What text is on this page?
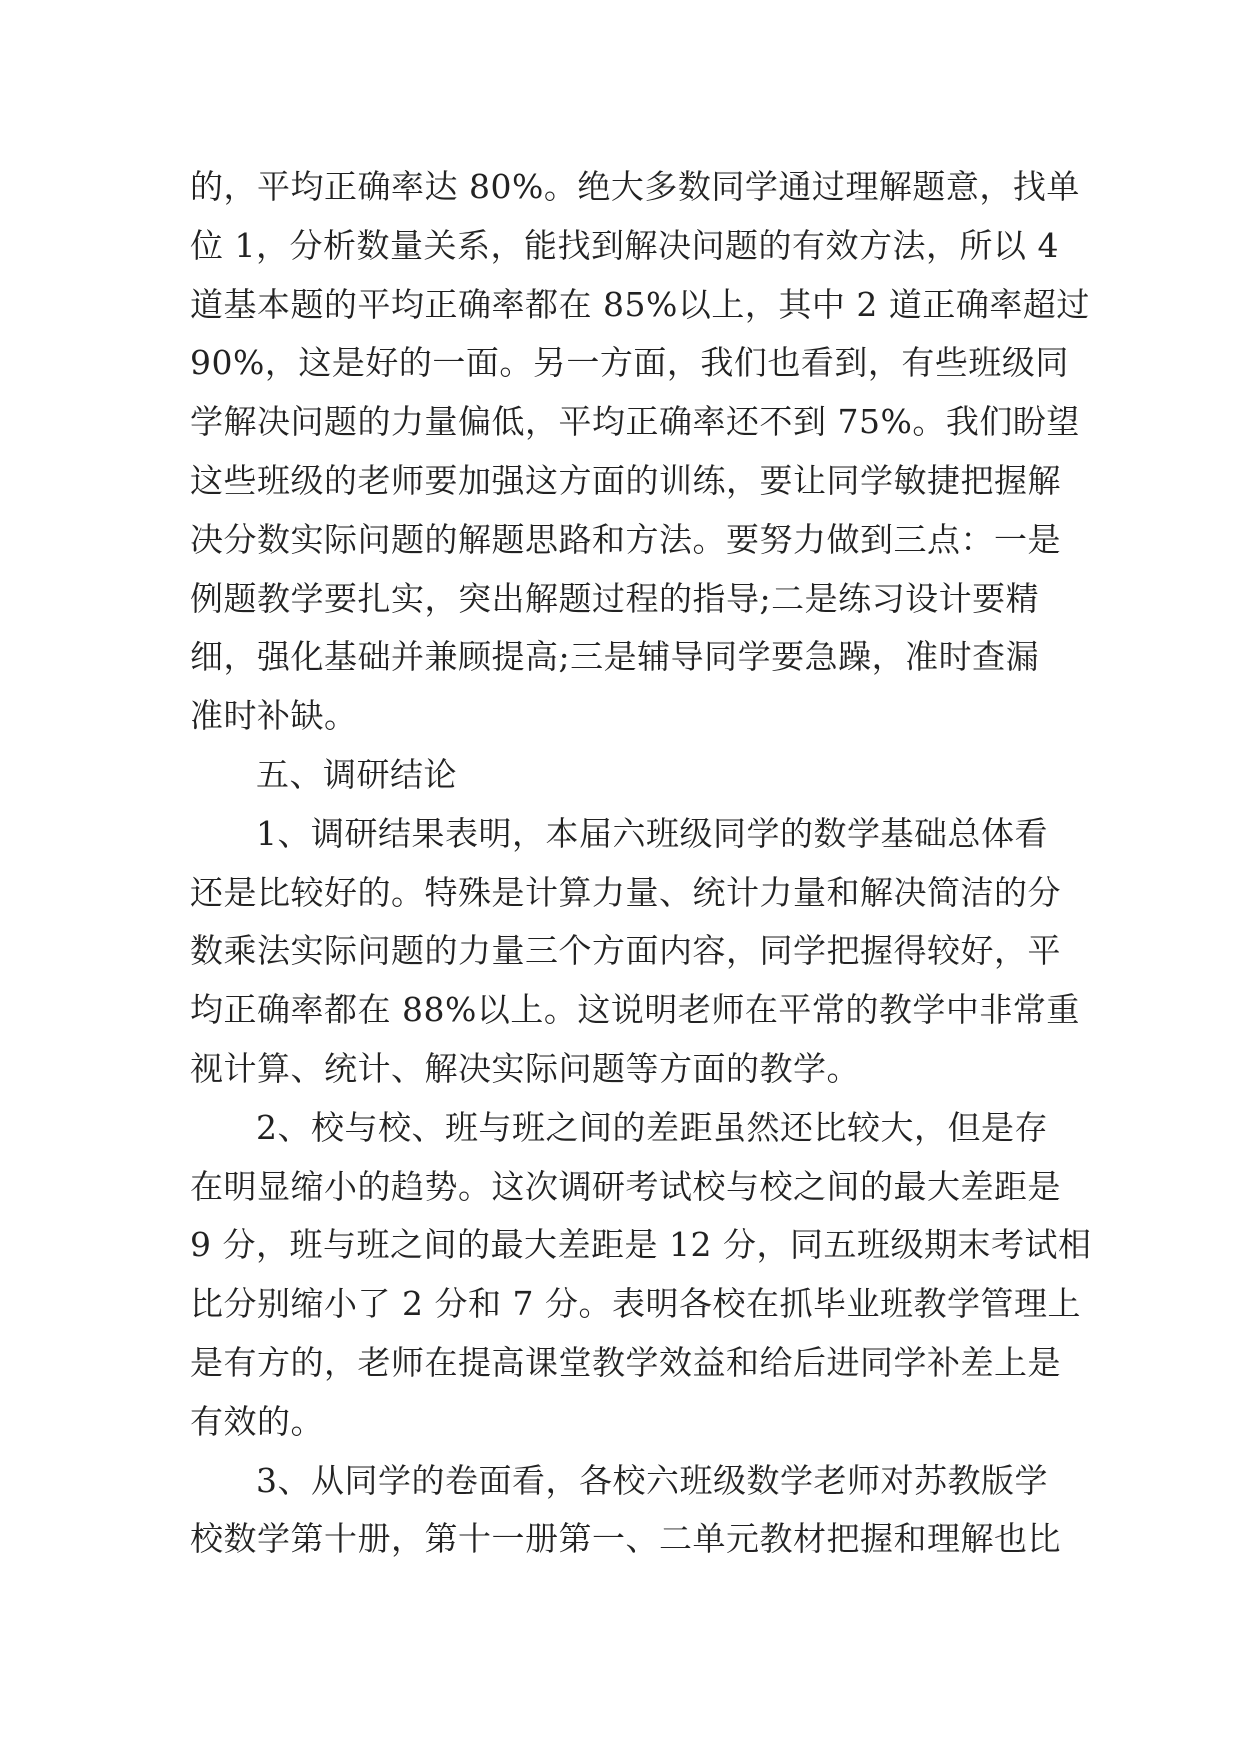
的，平均正确率达 80%。绝大多数同学通过理解题意，找单
位 1，分析数量关系，能找到解决问题的有效方法，所以 4
道基本题的平均正确率都在 85%以上，其中 2 道正确率超过
90%，这是好的一面。另一方面，我们也看到，有些班级同
学解决问题的力量偏低，平均正确率还不到 75%。我们盼望
这些班级的老师要加强这方面的训练，要让同学敏捷把握解
决分数实际问题的解题思路和方法。要努力做到三点：一是
例题教学要扎实，突出解题过程的指导;二是练习设计要精
细，强化基础并兼顾提高;三是辅导同学要急躁，准时查漏
准时补缺。
五、调研结论
1、调研结果表明，本届六班级同学的数学基础总体看
还是比较好的。特殊是计算力量、统计力量和解决简洁的分
数乘法实际问题的力量三个方面内容，同学把握得较好，平
均正确率都在 88%以上。这说明老师在平常的教学中非常重
视计算、统计、解决实际问题等方面的教学。
2、校与校、班与班之间的差距虽然还比较大，但是存
在明显缩小的趋势。这次调研考试校与校之间的最大差距是
9 分，班与班之间的最大差距是 12 分，同五班级期末考试相
比分别缩小了 2 分和 7 分。表明各校在抓毕业班教学管理上
是有方的，老师在提高课堂教学效益和给后进同学补差上是
有效的。
3、从同学的卷面看，各校六班级数学老师对苏教版学
校数学第十册，第十一册第一、二单元教材把握和理解也比
